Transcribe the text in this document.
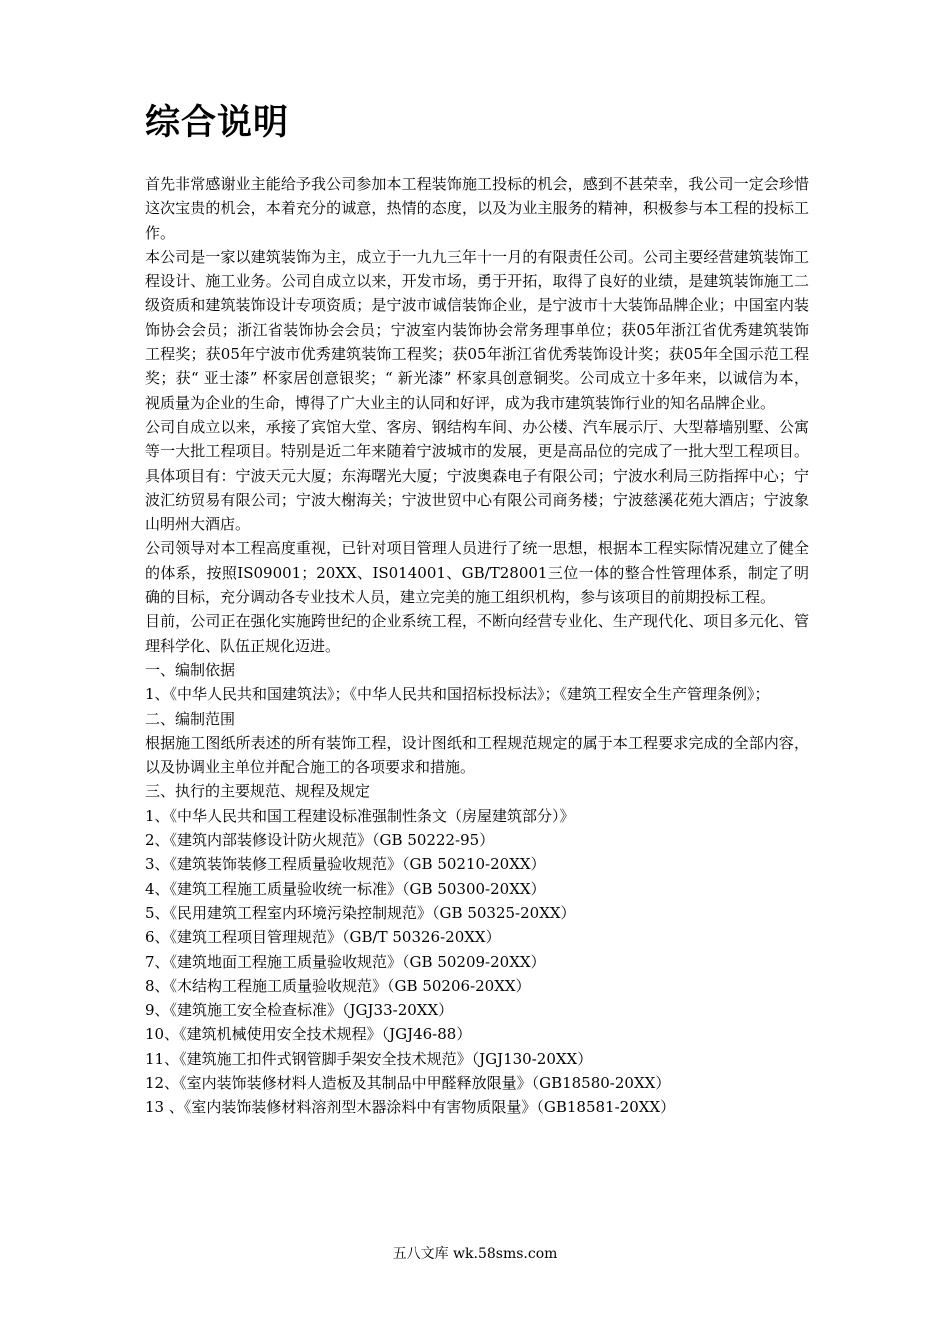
综合说明

首先非常感谢业主能给予我公司参加本工程装饰施工投标的机会，感到不甚荣幸，我公司一定会珍惜这次宝贵的机会，本着充分的诚意，热情的态度，以及为业主服务的精神，积极参与本工程的投标工作。

本公司是一家以建筑装饰为主，成立于一九九三年十一月的有限责任公司。公司主要经营建筑装饰工程设计、施工业务。公司自成立以来，开发市场，勇于开拓，取得了良好的业绩，是建筑装饰施工二级资质和建筑装饰设计专项资质；是宁波市诚信装饰企业，是宁波市十大装饰品牌企业；中国室内装饰协会会员；浙江省装饰协会会员；宁波室内装饰协会常务理事单位；获05年浙江省优秀建筑装饰工程奖；获05年宁波市优秀建筑装饰工程奖；获05年浙江省优秀装饰设计奖；获05年全国示范工程奖；获“ 亚士漆” 杯家居创意银奖；“ 新光漆” 杯家具创意铜奖。公司成立十多年来，以诚信为本，视质量为企业的生命，博得了广大业主的认同和好评，成为我市建筑装饰行业的知名品牌企业。

公司自成立以来，承接了宾馆大堂、客房、钢结构车间、办公楼、汽车展示厅、大型幕墙别墅、公寓等一大批工程项目。特别是近二年来随着宁波城市的发展，更是高品位的完成了一批大型工程项目。具体项目有：宁波天元大厦；东海曙光大厦；宁波奥森电子有限公司；宁波水利局三防指挥中心；宁波汇纺贸易有限公司；宁波大榭海关；宁波世贸中心有限公司商务楼；宁波慈溪花苑大酒店；宁波象山明州大酒店。

公司领导对本工程高度重视，已针对项目管理人员进行了统一思想，根据本工程实际情况建立了健全的体系，按照IS09001；20XX、IS014001、GB/T28001三位一体的整合性管理体系，制定了明确的目标，充分调动各专业技术人员，建立完美的施工组织机构，参与该项目的前期投标工程。

目前，公司正在强化实施跨世纪的企业系统工程，不断向经营专业化、生产现代化、项目多元化、管理科学化、队伍正规化迈进。

一、编制依据

1、《中华人民共和国建筑法》；《中华人民共和国招标投标法》；《建筑工程安全生产管理条例》；

二、编制范围

根据施工图纸所表述的所有装饰工程，设计图纸和工程规范规定的属于本工程要求完成的全部内容，以及协调业主单位并配合施工的各项要求和措施。

三、执行的主要规范、规程及规定

1、《中华人民共和国工程建设标准强制性条文（房屋建筑部分）》

2、《建筑内部装修设计防火规范》（GB 50222-95）

3、《建筑装饰装修工程质量验收规范》（GB 50210-20XX）

4、《建筑工程施工质量验收统一标准》（GB 50300-20XX）

5、《民用建筑工程室内环境污染控制规范》（GB 50325-20XX）

6、《建筑工程项目管理规范》（GB/T 50326-20XX）

7、《建筑地面工程施工质量验收规范》（GB 50209-20XX）

8、《木结构工程施工质量验收规范》（GB 50206-20XX）

9、《建筑施工安全检查标准》（JGJ33-20XX）

10、《建筑机械使用安全技术规程》（JGJ46-88）

11、《建筑施工扣件式钢管脚手架安全技术规范》（JGJ130-20XX）

12、《室内装饰装修材料人造板及其制品中甲醛释放限量》（GB18580-20XX）

13 、《室内装饰装修材料溶剂型木器涂料中有害物质限量》（GB18581-20XX）

五八文库 wk.58sms.com
